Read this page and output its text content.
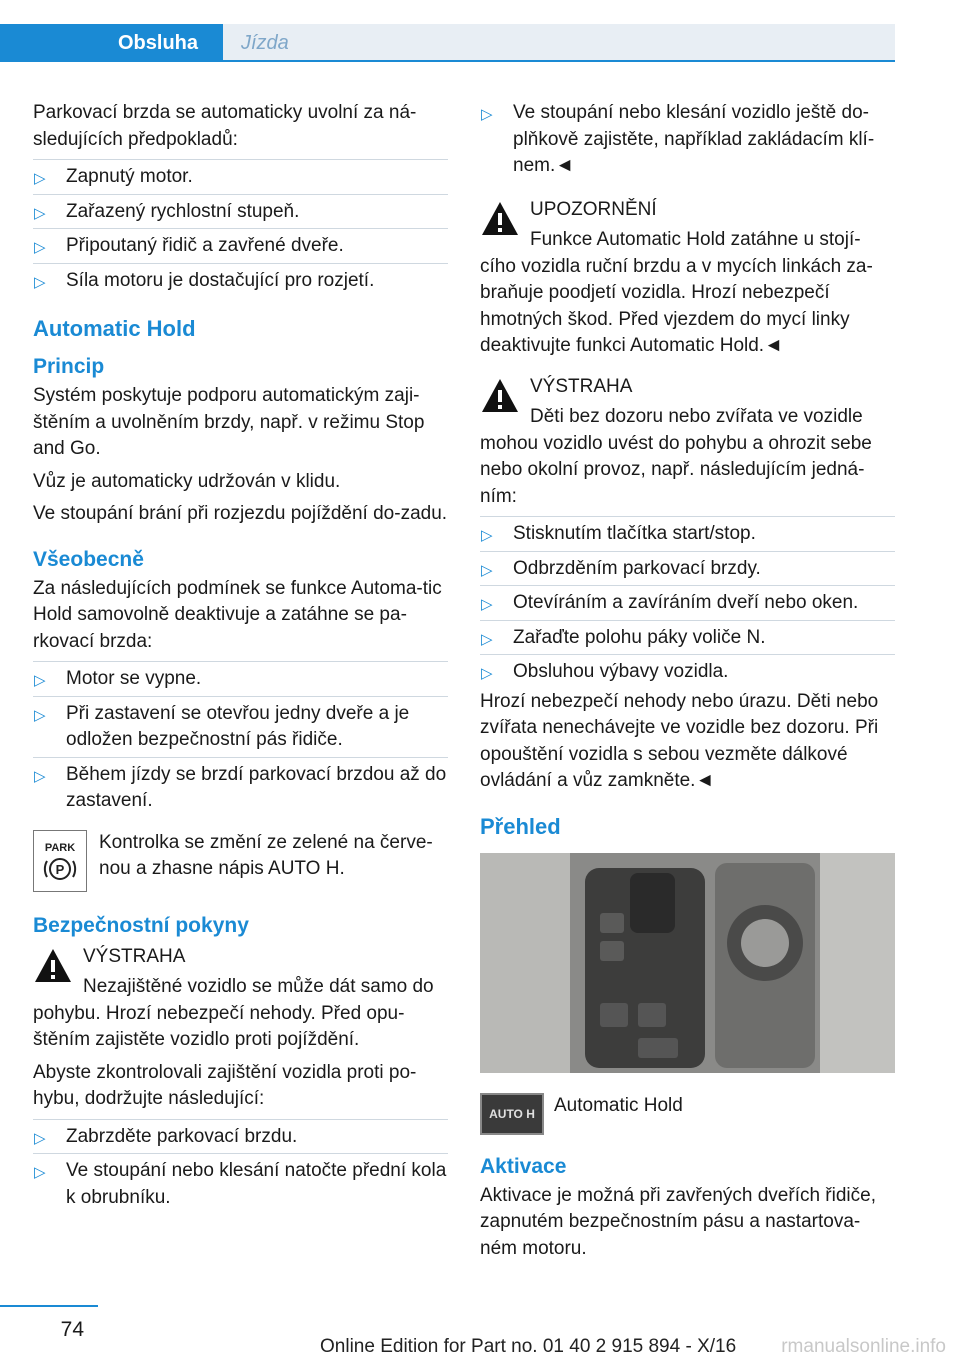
Obsluha	Jízda

Parkovací brzda se automaticky uvolní za ná‐sledujících předpokladů:

▷ Zapnutý motor.
▷ Zařazený rychlostní stupeň.
▷ Připoutaný řidič a zavřené dveře.
▷ Síla motoru je dostačující pro rozjetí.
Automatic Hold
Princip

Systém poskytuje podporu automatickým zaji‐štěním a uvolněním brzdy, např. v režimu Stop and Go.

Vůz je automaticky udržován v klidu.

Ve stoupání brání při rozjezdu pojíždění do‐zadu.

Všeobecně

Za následujících podmínek se funkce Automa‐tic Hold samovolně deaktivuje a zatáhne se pa‐rkovací brzda:

▷ Motor se vypne.
▷ Při zastavení se otevřou jedny dveře a je odložen bezpečnostní pás řidiče.
▷ Během jízdy se brzdí parkovací brzdou až do zastavení.
PARK
P
Kontrolka se změní ze zelené na červe‐nou a zhasne nápis AUTO H.
Bezpečnostní pokyny
VÝSTRAHA

Nezajištěné vozidlo se může dát samo do pohybu. Hrozí nebezpečí nehody. Před opu‐štěním zajistěte vozidlo proti pojíždění.

Abyste zkontrolovali zajištění vozidla proti po‐hybu, dodržujte následující:

▷ Zabrzděte parkovací brzdu.
▷ Ve stoupání nebo klesání natočte přední kola k obrubníku.
▷ Ve stoupání nebo klesání vozidlo ještě do‐plňkově zajistěte, například zakládacím klí‐nem.◄
UPOZORNĚNÍ

Funkce Automatic Hold zatáhne u stojí‐cího vozidla ruční brzdu a v mycích linkách za‐braňuje poodjetí vozidla. Hrozí nebezpečí hmotných škod. Před vjezdem do mycí linky deaktivujte funkci Automatic Hold.◄

VÝSTRAHA

Děti bez dozoru nebo zvířata ve vozidle mohou vozidlo uvést do pohybu a ohrozit sebe nebo okolní provoz, např. následujícím jedná‐ním:

▷ Stisknutím tlačítka start/stop.
▷ Odbrzděním parkovací brzdy.
▷ Otevíráním a zavíráním dveří nebo oken.
▷ Zařaďte polohu páky voliče N.
▷ Obsluhou výbavy vozidla.

Hrozí nebezpečí nehody nebo úrazu. Děti nebo zvířata nenechávejte ve vozidle bez dozoru. Při opouštění vozidla s sebou vezměte dálkové ovládání a vůz zamkněte.◄

Přehled
AUTO H	Automatic Hold
Aktivace

Aktivace je možná při zavřených dveřích řidiče, zapnutém bezpečnostním pásu a nastartova‐ném motoru.

74
Online Edition for Part no. 01 40 2 915 894 - X/16 rmanualsonline.info
